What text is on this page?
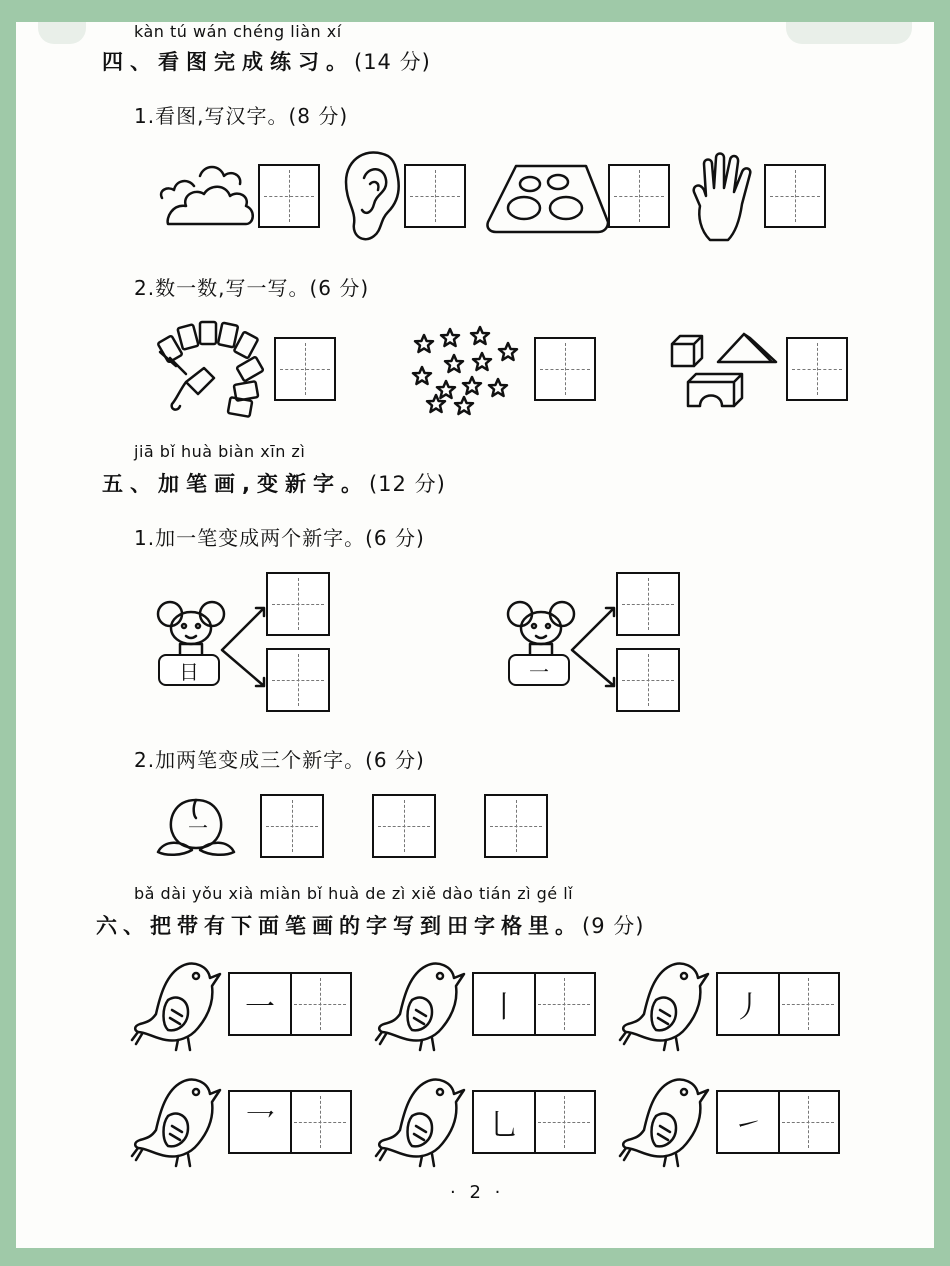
kàn tú wán chéng liàn xí
四、看图完成练习。(14 分)
1.看图,写汉字。(8 分)
2.数一数,写一写。(6 分)
jiā bǐ huà biàn xīn zì
五、加笔画,变新字。(12 分)
1.加一笔变成两个新字。(6 分)
日	一
2.加两笔变成三个新字。(6 分)
一
bǎ dài yǒu xià miàn bǐ huà de zì xiě dào tián zì gé lǐ
六、把带有下面笔画的字写到田字格里。(9 分)
一	丨	丿
乛	乚	㇀
· 2 ·
